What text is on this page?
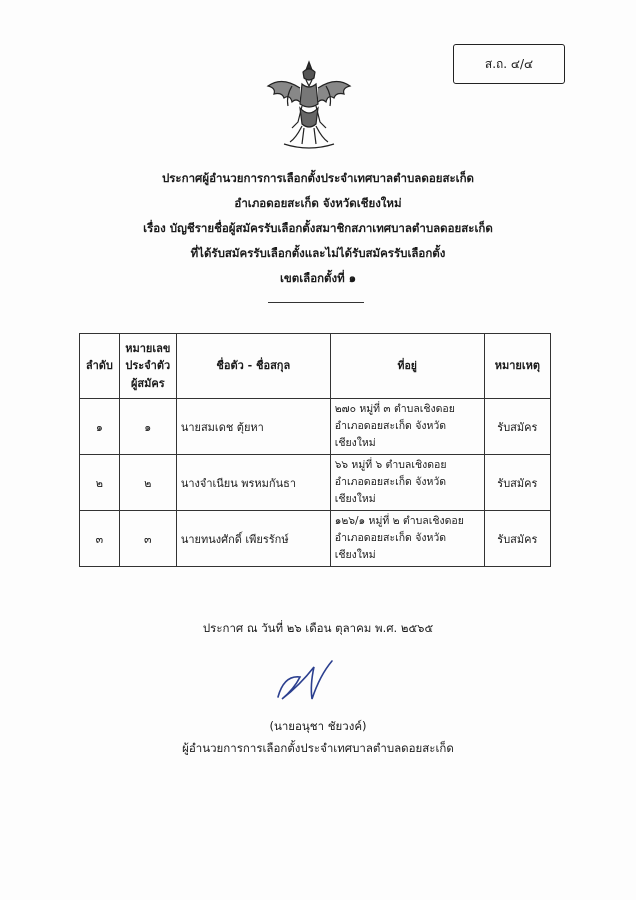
ส.ถ. ๔/๔
ประกาศผู้อำนวยการการเลือกตั้งประจำเทศบาลตำบลดอยสะเก็ด
อำเภอดอยสะเก็ด จังหวัดเชียงใหม่
เรื่อง บัญชีรายชื่อผู้สมัครรับเลือกตั้งสมาชิกสภาเทศบาลตำบลดอยสะเก็ด
ที่ได้รับสมัครรับเลือกตั้งและไม่ได้รับสมัครรับเลือกตั้ง
เขตเลือกตั้งที่ ๑
ลำดับ	หมายเลข
ประจำตัว
ผู้สมัคร	ชื่อตัว - ชื่อสกุล	ที่อยู่	หมายเหตุ
๑	๑	นายสมเดช ตุ้ยหา	๒๗๐ หมู่ที่ ๓ ตำบลเชิงดอย
อำเภอดอยสะเก็ด จังหวัดเชียงใหม่	รับสมัคร
๒	๒	นางจำเนียน พรหมกันธา	๖๖ หมู่ที่ ๖ ตำบลเชิงดอย
อำเภอดอยสะเก็ด จังหวัดเชียงใหม่	รับสมัคร
๓	๓	นายทนงศักดิ์ เพียรรักษ์	๑๒๖/๑ หมู่ที่ ๒ ตำบลเชิงดอย
อำเภอดอยสะเก็ด จังหวัดเชียงใหม่	รับสมัคร
ประกาศ ณ วันที่ ๒๖ เดือน ตุลาคม พ.ศ. ๒๕๖๕
(นายอนุชา ชัยวงค์)
ผู้อำนวยการการเลือกตั้งประจำเทศบาลตำบลดอยสะเก็ด
